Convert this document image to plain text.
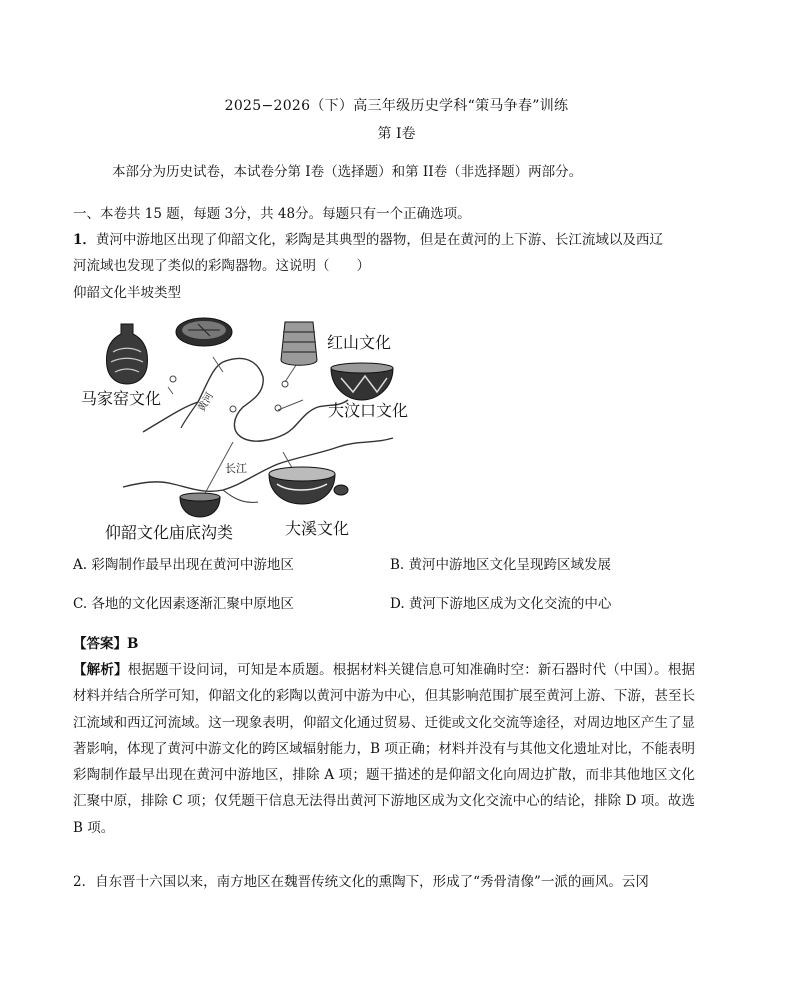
2025−2026（下）高三年级历史学科“策马争春”训练
第 I卷
本部分为历史试卷，本试卷分第 I卷（选择题）和第 II卷（非选择题）两部分。
一、本卷共 15 题，每题 3分，共 48分。每题只有一个正确选项。
1．黄河中游地区出现了仰韶文化，彩陶是其典型的器物，但是在黄河的上下游、长江流域以及西辽
河流域也发现了类似的彩陶器物。这说明（　　）
仰韶文化半坡类型
马家窑文化
红山文化
大汶口文化
仰韶文化庙底沟类	大溪文化
黄河
长江
A. 彩陶制作最早出现在黄河中游地区	B. 黄河中游地区文化呈现跨区域发展
C. 各地的文化因素逐渐汇聚中原地区	D. 黄河下游地区成为文化交流的中心
【答案】B
【解析】根据题干设问词，可知是本质题。根据材料关键信息可知准确时空：新石器时代（中国）。根据材料并结合所学可知，仰韶文化的彩陶以黄河中游为中心，但其影响范围扩展至黄河上游、下游，甚至长江流域和西辽河流域。这一现象表明，仰韶文化通过贸易、迁徙或文化交流等途径，对周边地区产生了显著影响，体现了黄河中游文化的跨区域辐射能力，B 项正确；材料并没有与其他文化遗址对比，不能表明彩陶制作最早出现在黄河中游地区，排除 A 项；题干描述的是仰韶文化向周边扩散，而非其他地区文化汇聚中原，排除 C 项；仅凭题干信息无法得出黄河下游地区成为文化交流中心的结论，排除 D 项。故选 B 项。
2．自东晋十六国以来，南方地区在魏晋传统文化的熏陶下，形成了“秀骨清像”一派的画风。云冈
